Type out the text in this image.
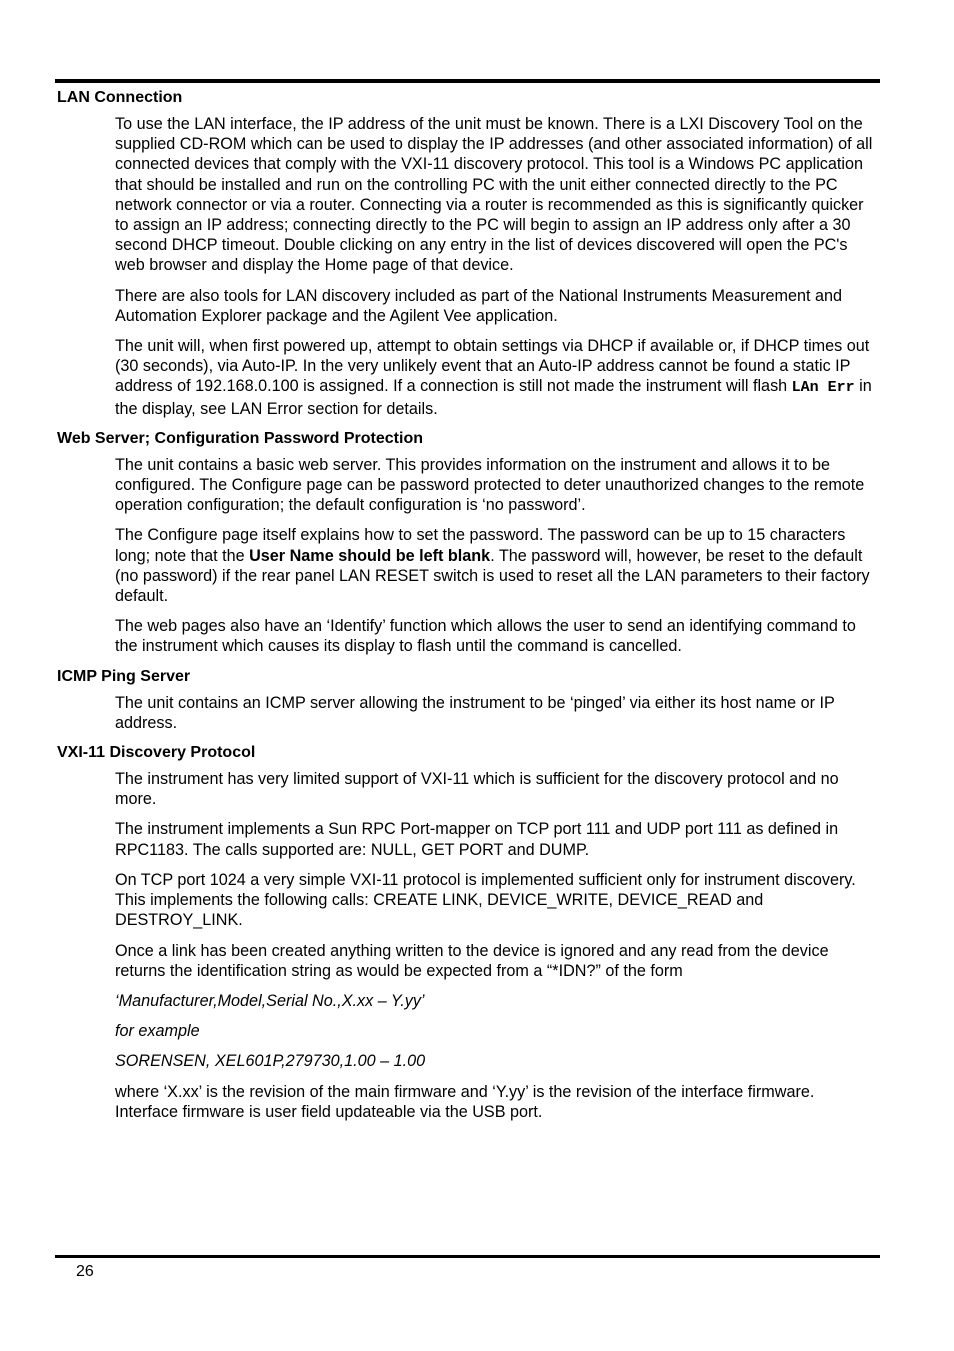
LAN Connection

To use the LAN interface, the IP address of the unit must be known. There is a LXI Discovery Tool on the supplied CD-ROM which can be used to display the IP addresses (and other associated information) of all connected devices that comply with the VXI-11 discovery protocol. This tool is a Windows PC application that should be installed and run on the controlling PC with the unit either connected directly to the PC network connector or via a router. Connecting via a router is recommended as this is significantly quicker to assign an IP address; connecting directly to the PC will begin to assign an IP address only after a 30 second DHCP timeout. Double clicking on any entry in the list of devices discovered will open the PC's web browser and display the Home page of that device.

There are also tools for LAN discovery included as part of the National Instruments Measurement and Automation Explorer package and the Agilent Vee application.

The unit will, when first powered up, attempt to obtain settings via DHCP if available or, if DHCP times out (30 seconds), via Auto-IP. In the very unlikely event that an Auto-IP address cannot be found a static IP address of 192.168.0.100 is assigned. If a connection is still not made the instrument will flash LAn Err in the display, see LAN Error section for details.

Web Server; Configuration Password Protection

The unit contains a basic web server. This provides information on the instrument and allows it to be configured. The Configure page can be password protected to deter unauthorized changes to the remote operation configuration; the default configuration is ‘no password’.

The Configure page itself explains how to set the password. The password can be up to 15 characters long; note that the User Name should be left blank. The password will, however, be reset to the default (no password) if the rear panel LAN RESET switch is used to reset all the LAN parameters to their factory default.

The web pages also have an ‘Identify’ function which allows the user to send an identifying command to the instrument which causes its display to flash until the command is cancelled.

ICMP Ping Server

The unit contains an ICMP server allowing the instrument to be ‘pinged’ via either its host name or IP address.

VXI-11 Discovery Protocol

The instrument has very limited support of VXI-11 which is sufficient for the discovery protocol and no more.

The instrument implements a Sun RPC Port-mapper on TCP port 111 and UDP port 111 as defined in RPC1183. The calls supported are: NULL, GET PORT and DUMP.

On TCP port 1024 a very simple VXI-11 protocol is implemented sufficient only for instrument discovery. This implements the following calls: CREATE LINK, DEVICE_WRITE, DEVICE_READ and DESTROY_LINK.

Once a link has been created anything written to the device is ignored and any read from the device returns the identification string as would be expected from a “*IDN?” of the form

‘Manufacturer,Model,Serial No.,X.xx – Y.yy’

for example

SORENSEN, XEL601P,279730,1.00 – 1.00

where ‘X.xx’ is the revision of the main firmware and ‘Y.yy’ is the revision of the interface firmware. Interface firmware is user field updateable via the USB port.

26
